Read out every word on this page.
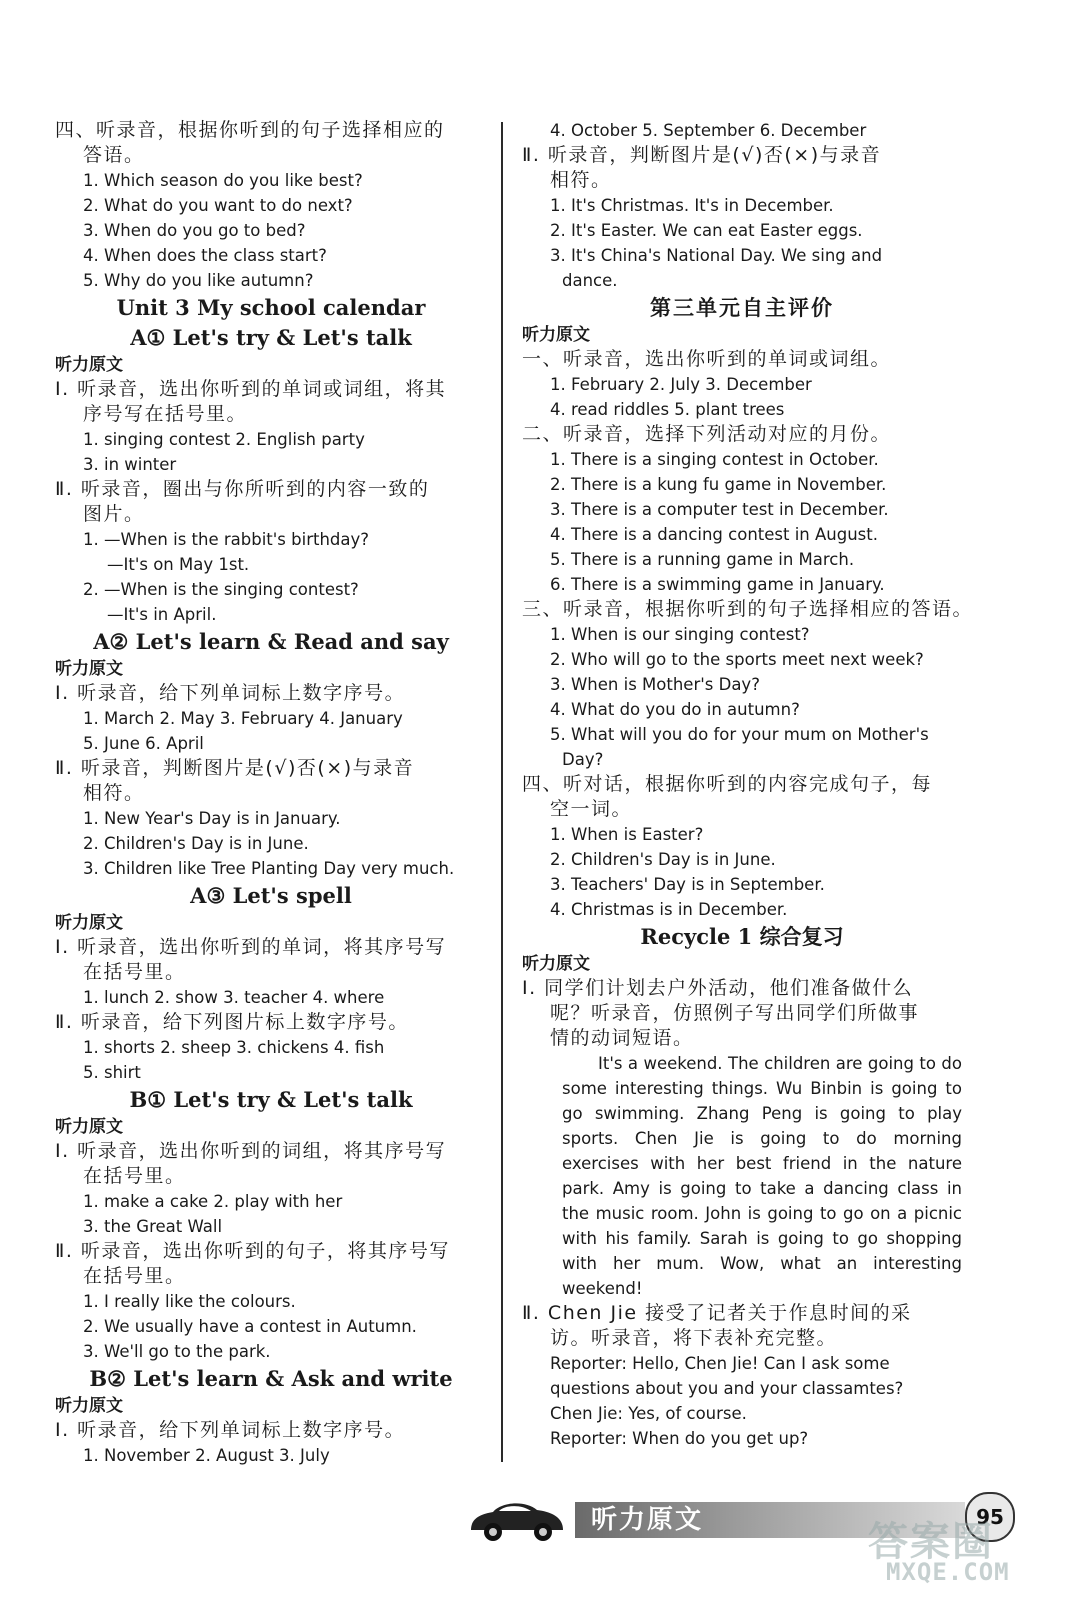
四、听录音，根据你听到的句子选择相应的
答语。
1. Which season do you like best?
2. What do you want to do next?
3. When do you go to bed?
4. When does the class start?
5. Why do you like autumn?
Unit 3 My school calendar
A① Let's try & Let's talk
听力原文
Ⅰ. 听录音，选出你听到的单词或词组，将其
序号写在括号里。
1. singing contest 2. English party
3. in winter
Ⅱ. 听录音，圈出与你所听到的内容一致的
图片。
1. —When is the rabbit's birthday?
—It's on May 1st.
2. —When is the singing contest?
—It's in April.
A② Let's learn & Read and say
听力原文
Ⅰ. 听录音，给下列单词标上数字序号。
1. March 2. May 3. February 4. January
5. June 6. April
Ⅱ. 听录音，判断图片是(√)否(×)与录音
相符。
1. New Year's Day is in January.
2. Children's Day is in June.
3. Children like Tree Planting Day very much.
A③ Let's spell
听力原文
Ⅰ. 听录音，选出你听到的单词，将其序号写
在括号里。
1. lunch 2. show 3. teacher 4. where
Ⅱ. 听录音，给下列图片标上数字序号。
1. shorts 2. sheep 3. chickens 4. fish
5. shirt
B① Let's try & Let's talk
听力原文
Ⅰ. 听录音，选出你听到的词组，将其序号写
在括号里。
1. make a cake 2. play with her
3. the Great Wall
Ⅱ. 听录音，选出你听到的句子，将其序号写
在括号里。
1. I really like the colours.
2. We usually have a contest in Autumn.
3. We'll go to the park.
B② Let's learn & Ask and write
听力原文
Ⅰ. 听录音，给下列单词标上数字序号。
1. November 2. August 3. July
4. October 5. September 6. December
Ⅱ. 听录音，判断图片是(√)否(×)与录音
相符。
1. It's Christmas. It's in December.
2. It's Easter. We can eat Easter eggs.
3. It's China's National Day. We sing and
dance.
第三单元自主评价
听力原文
一、听录音，选出你听到的单词或词组。
1. February 2. July 3. December
4. read riddles 5. plant trees
二、听录音，选择下列活动对应的月份。
1. There is a singing contest in October.
2. There is a kung fu game in November.
3. There is a computer test in December.
4. There is a dancing contest in August.
5. There is a running game in March.
6. There is a swimming game in January.
三、听录音，根据你听到的句子选择相应的答语。
1. When is our singing contest?
2. Who will go to the sports meet next week?
3. When is Mother's Day?
4. What do you do in autumn?
5. What will you do for your mum on Mother's
Day?
四、听对话，根据你听到的内容完成句子，每
空一词。
1. When is Easter?
2. Children's Day is in June.
3. Teachers' Day is in September.
4. Christmas is in December.
Recycle 1 综合复习
听力原文
Ⅰ. 同学们计划去户外活动，他们准备做什么
呢？听录音，仿照例子写出同学们所做事
情的动词短语。
It's a weekend. The children are going to do some interesting things. Wu Binbin is going to go swimming. Zhang Peng is going to play sports. Chen Jie is going to do morning exercises with her best friend in the nature park. Amy is going to take a dancing class in the music room. John is going to go on a picnic with his family. Sarah is going to go shopping with her mum. Wow, what an interesting weekend!
Ⅱ. Chen Jie 接受了记者关于作息时间的采
访。听录音，将下表补充完整。
Reporter: Hello, Chen Jie! Can I ask some
questions about you and your classamtes?
Chen Jie: Yes, of course.
Reporter: When do you get up?
听力原文	95
答案圈
MXQE.COM
